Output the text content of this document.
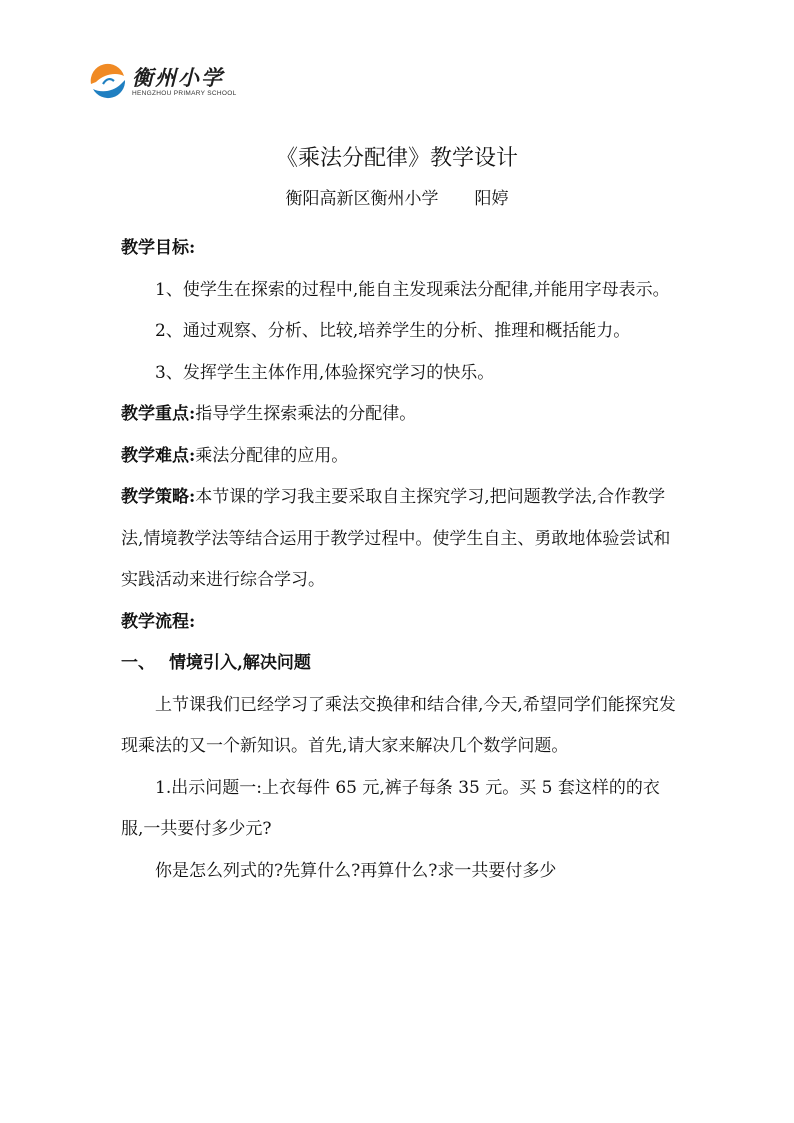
衡州小学
HENGZHOU PRIMARY SCHOOL
《乘法分配律》教学设计
衡阳高新区衡州小学 阳婷

教学目标:

1、使学生在探索的过程中,能自主发现乘法分配律,并能用字母表示。

2、通过观察、分析、比较,培养学生的分析、推理和概括能力。

3、发挥学生主体作用,体验探究学习的快乐。

教学重点:指导学生探索乘法的分配律。

教学难点:乘法分配律的应用。

教学策略:本节课的学习我主要采取自主探究学习,把问题教学法,合作教学法,情境教学法等结合运用于教学过程中。使学生自主、勇敢地体验尝试和实践活动来进行综合学习。

教学流程:

一、 情境引入,解决问题

上节课我们已经学习了乘法交换律和结合律,今天,希望同学们能探究发现乘法的又一个新知识。首先,请大家来解决几个数学问题。

1.出示问题一:上衣每件 65 元,裤子每条 35 元。买 5 套这样的的衣服,一共要付多少元?

你是怎么列式的?先算什么?再算什么?求一共要付多少
